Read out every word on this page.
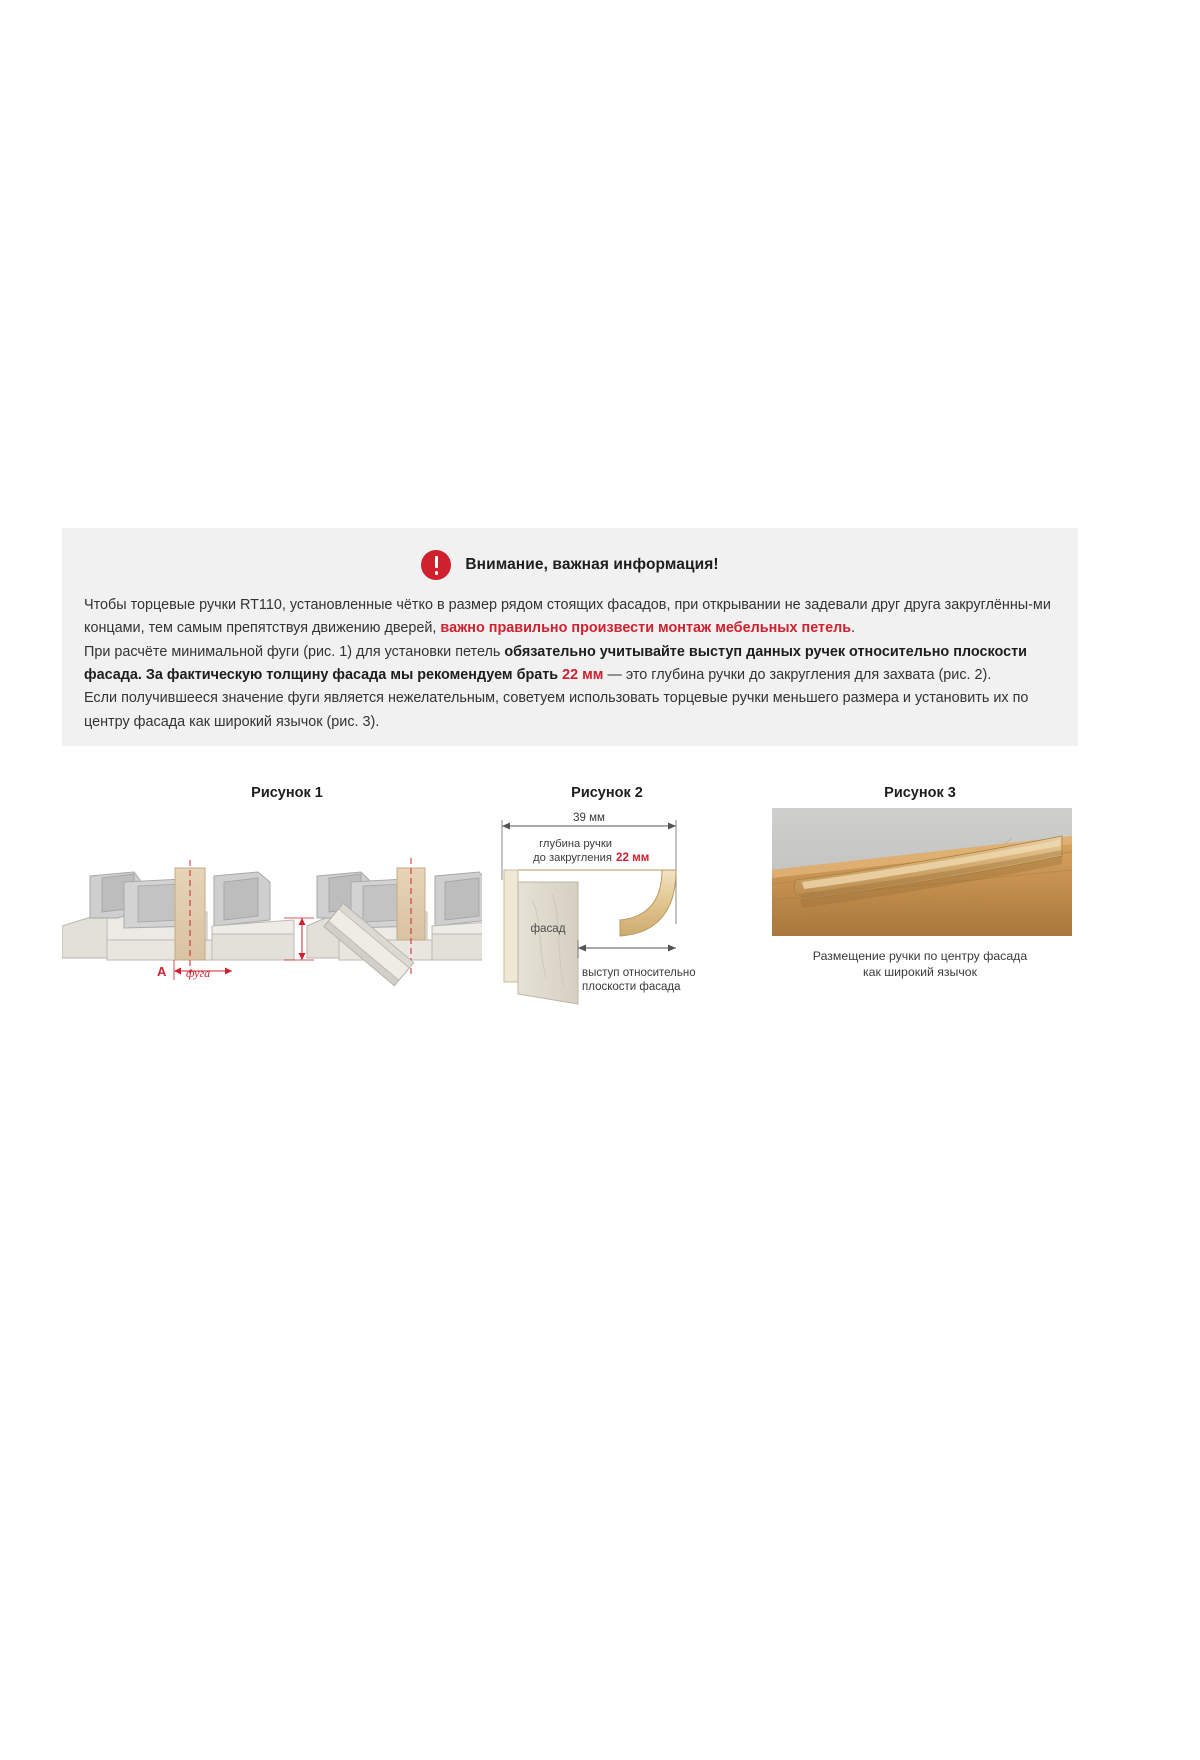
Внимание, важная информация!

Чтобы торцевые ручки RT110, установленные чётко в размер рядом стоящих фасадов, при открывании не задевали друг друга закруглённы-ми концами, тем самым препятствуя движению дверей, важно правильно произвести монтаж мебельных петель.

При расчёте минимальной фуги (рис. 1) для установки петель обязательно учитывайте выступ данных ручек относительно плоскости фасада. За фактическую толщину фасада мы рекомендуем брать 22 мм — это глубина ручки до закругления для захвата (рис. 2).

Если получившееся значение фуги является нежелательным, советуем использовать торцевые ручки меньшего размера и установить их по центру фасада как широкий язычок (рис. 3).

Рисунок 1	Рисунок 2	Рисунок 3
A фуга
39 мм
глубина ручки
до закругления 22 мм
фасад
выступ относительно
плоскости фасада
Размещение ручки по центру фасада
как широкий язычок
